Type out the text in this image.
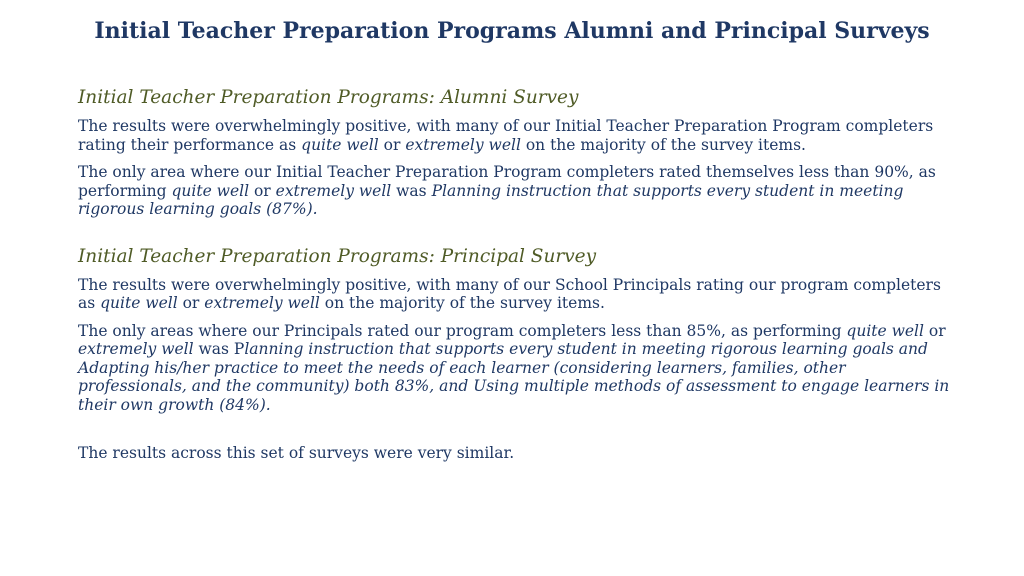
Initial Teacher Preparation Programs Alumni and Principal Surveys
Initial Teacher Preparation Programs: Alumni Survey

The results were overwhelmingly positive, with many of our Initial Teacher Preparation Program completers rating their performance as quite well or extremely well on the majority of the survey items.

The only area where our Initial Teacher Preparation Program completers rated themselves less than 90%, as performing quite well or extremely well was Planning instruction that supports every student in meeting rigorous learning goals (87%).

Initial Teacher Preparation Programs: Principal Survey

The results were overwhelmingly positive, with many of our School Principals rating our program completers as quite well or extremely well on the majority of the survey items.

The only areas where our Principals rated our program completers less than 85%, as performing quite well or extremely well was Planning instruction that supports every student in meeting rigorous learning goals and Adapting his/her practice to meet the needs of each learner (considering learners, families, other professionals, and the community) both 83%, and Using multiple methods of assessment to engage learners in their own growth (84%).

The results across this set of surveys were very similar.
